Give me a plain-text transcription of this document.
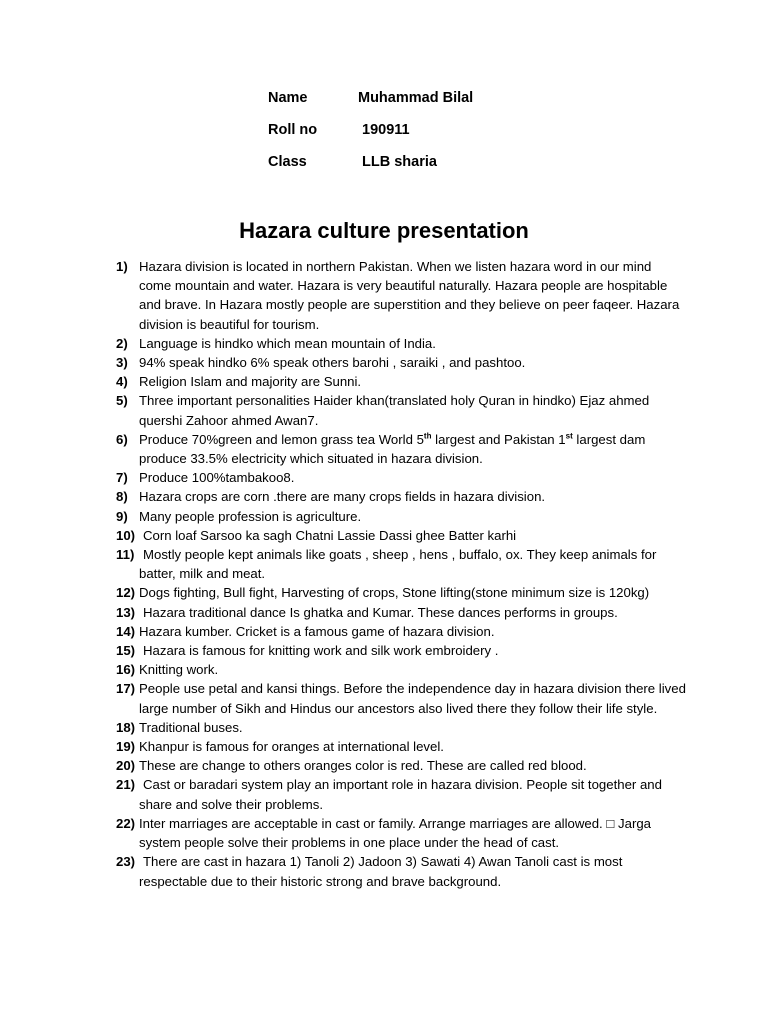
Name	Muhammad Bilal
Roll no	190911
Class	LLB sharia
Hazara culture presentation
1) Hazara division is located in northern Pakistan. When we listen hazara word in our mind come mountain and water. Hazara is very beautiful naturally. Hazara people are hospitable and brave. In Hazara mostly people are superstition and they believe on peer faqeer. Hazara division is beautiful for tourism.
2) Language is hindko which mean mountain of India.
3) 94% speak hindko 6% speak others barohi , saraiki , and pashtoo.
4) Religion Islam and majority are Sunni.
5) Three important personalities Haider khan(translated holy Quran in hindko) Ejaz ahmed quershi Zahoor ahmed Awan7.
6) Produce 70%green and lemon grass tea World 5th largest and Pakistan 1st largest dam produce 33.5% electricity which situated in hazara division.
7) Produce 100%tambakoo8.
8) Hazara crops are corn .there are many crops fields in hazara division.
9) Many people profession is agriculture.
10) Corn loaf Sarsoo ka sagh Chatni Lassie Dassi ghee Batter karhi
11) Mostly people kept animals like goats , sheep , hens , buffalo, ox. They keep animals for batter, milk and meat.
12) Dogs fighting, Bull fight, Harvesting of crops, Stone lifting(stone minimum size is 120kg)
13) Hazara traditional dance Is ghatka and Kumar. These dances performs in groups.
14) Hazara kumber. Cricket is a famous game of hazara division.
15) Hazara is famous for knitting work and silk work embroidery .
16) Knitting work.
17) People use petal and kansi things. Before the independence day in hazara division there lived large number of Sikh and Hindus our ancestors also lived there they follow their life style.
18) Traditional buses.
19) Khanpur is famous for oranges at international level.
20) These are change to others oranges color is red. These are called red blood.
21) Cast or baradari system play an important role in hazara division. People sit together and share and solve their problems.
22) Inter marriages are acceptable in cast or family. Arrange marriages are allowed. □ Jarga system people solve their problems in one place under the head of cast.
23) There are cast in hazara 1) Tanoli 2) Jadoon 3) Sawati 4) Awan Tanoli cast is most respectable due to their historic strong and brave background.
